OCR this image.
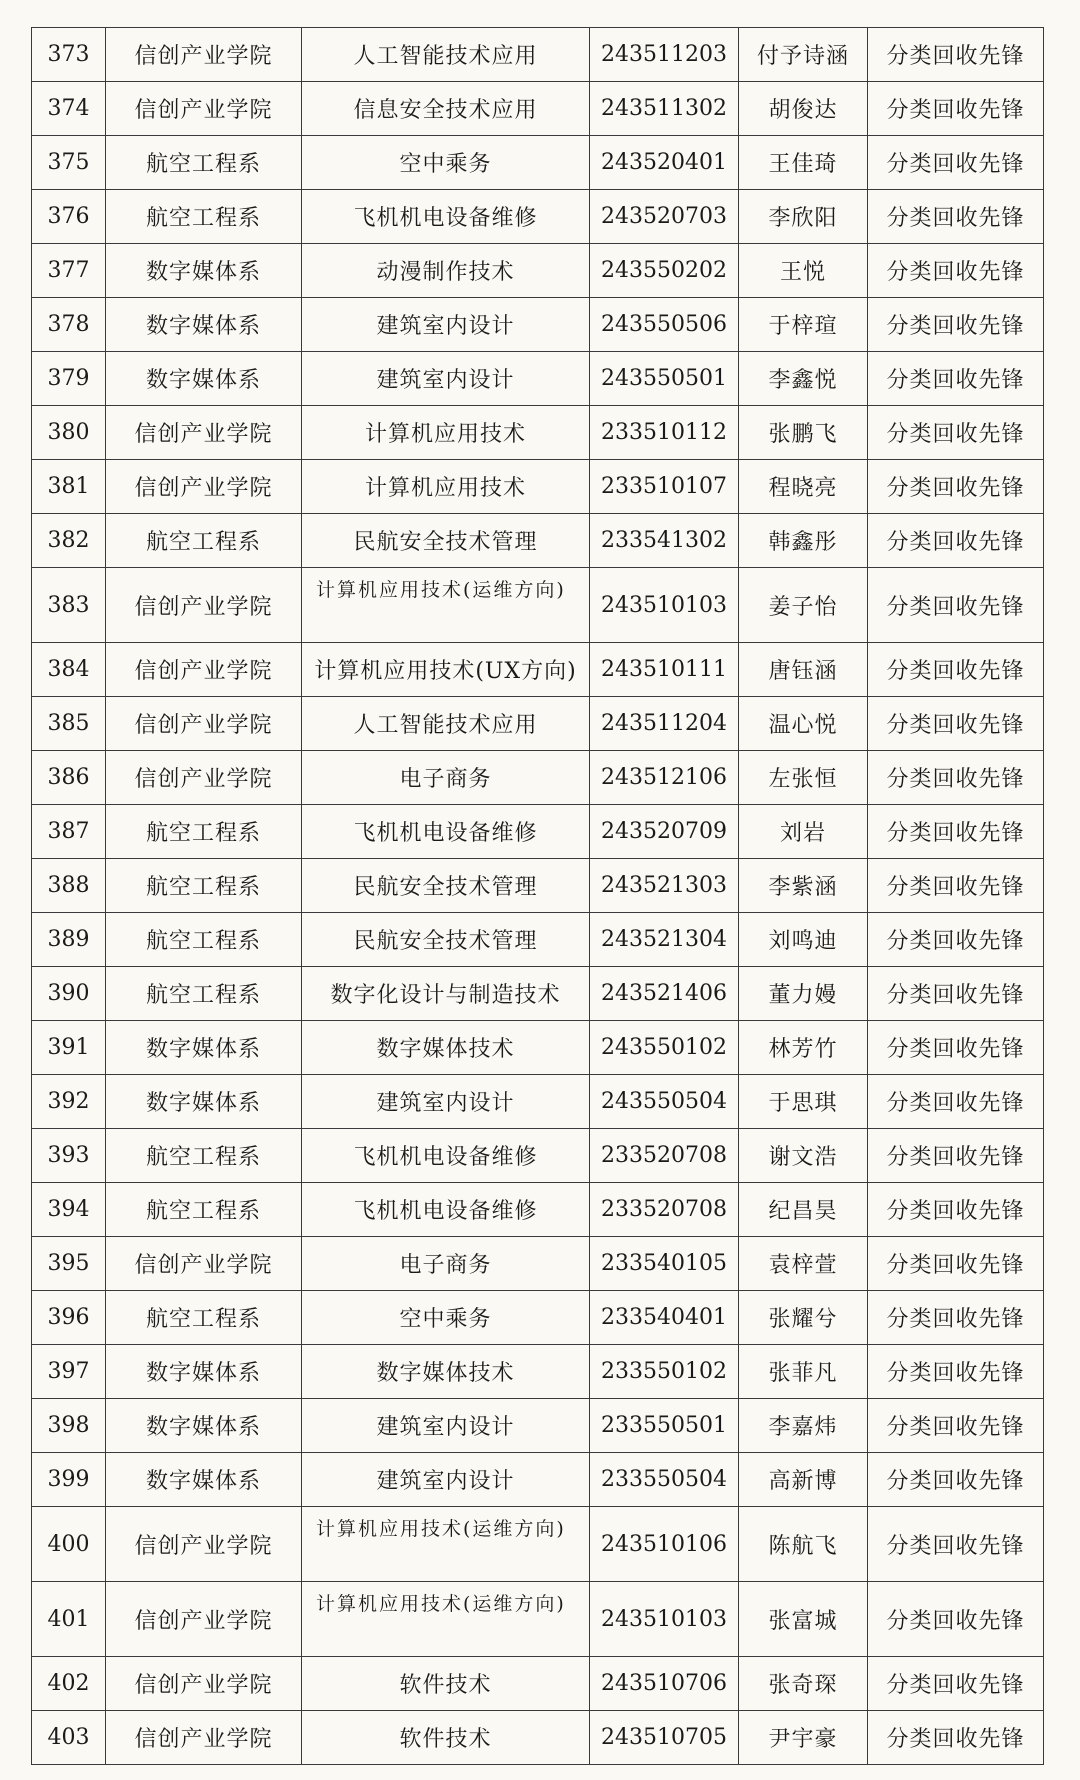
373	信创产业学院	人工智能技术应用	243511203	付予诗涵	分类回收先锋
374	信创产业学院	信息安全技术应用	243511302	胡俊达	分类回收先锋
375	航空工程系	空中乘务	243520401	王佳琦	分类回收先锋
376	航空工程系	飞机机电设备维修	243520703	李欣阳	分类回收先锋
377	数字媒体系	动漫制作技术	243550202	王悦	分类回收先锋
378	数字媒体系	建筑室内设计	243550506	于梓瑄	分类回收先锋
379	数字媒体系	建筑室内设计	243550501	李鑫悦	分类回收先锋
380	信创产业学院	计算机应用技术	233510112	张鹏飞	分类回收先锋
381	信创产业学院	计算机应用技术	233510107	程晓亮	分类回收先锋
382	航空工程系	民航安全技术管理	233541302	韩鑫彤	分类回收先锋
383	信创产业学院	计算机应用技术(运维方向)	243510103	姜子怡	分类回收先锋
384	信创产业学院	计算机应用技术(UX方向)	243510111	唐钰涵	分类回收先锋
385	信创产业学院	人工智能技术应用	243511204	温心悦	分类回收先锋
386	信创产业学院	电子商务	243512106	左张恒	分类回收先锋
387	航空工程系	飞机机电设备维修	243520709	刘岩	分类回收先锋
388	航空工程系	民航安全技术管理	243521303	李紫涵	分类回收先锋
389	航空工程系	民航安全技术管理	243521304	刘鸣迪	分类回收先锋
390	航空工程系	数字化设计与制造技术	243521406	董力嫚	分类回收先锋
391	数字媒体系	数字媒体技术	243550102	林芳竹	分类回收先锋
392	数字媒体系	建筑室内设计	243550504	于思琪	分类回收先锋
393	航空工程系	飞机机电设备维修	233520708	谢文浩	分类回收先锋
394	航空工程系	飞机机电设备维修	233520708	纪昌昊	分类回收先锋
395	信创产业学院	电子商务	233540105	袁梓萱	分类回收先锋
396	航空工程系	空中乘务	233540401	张耀兮	分类回收先锋
397	数字媒体系	数字媒体技术	233550102	张菲凡	分类回收先锋
398	数字媒体系	建筑室内设计	233550501	李嘉炜	分类回收先锋
399	数字媒体系	建筑室内设计	233550504	高新博	分类回收先锋
400	信创产业学院	计算机应用技术(运维方向)	243510106	陈航飞	分类回收先锋
401	信创产业学院	计算机应用技术(运维方向)	243510103	张富城	分类回收先锋
402	信创产业学院	软件技术	243510706	张奇琛	分类回收先锋
403	信创产业学院	软件技术	243510705	尹宇豪	分类回收先锋
